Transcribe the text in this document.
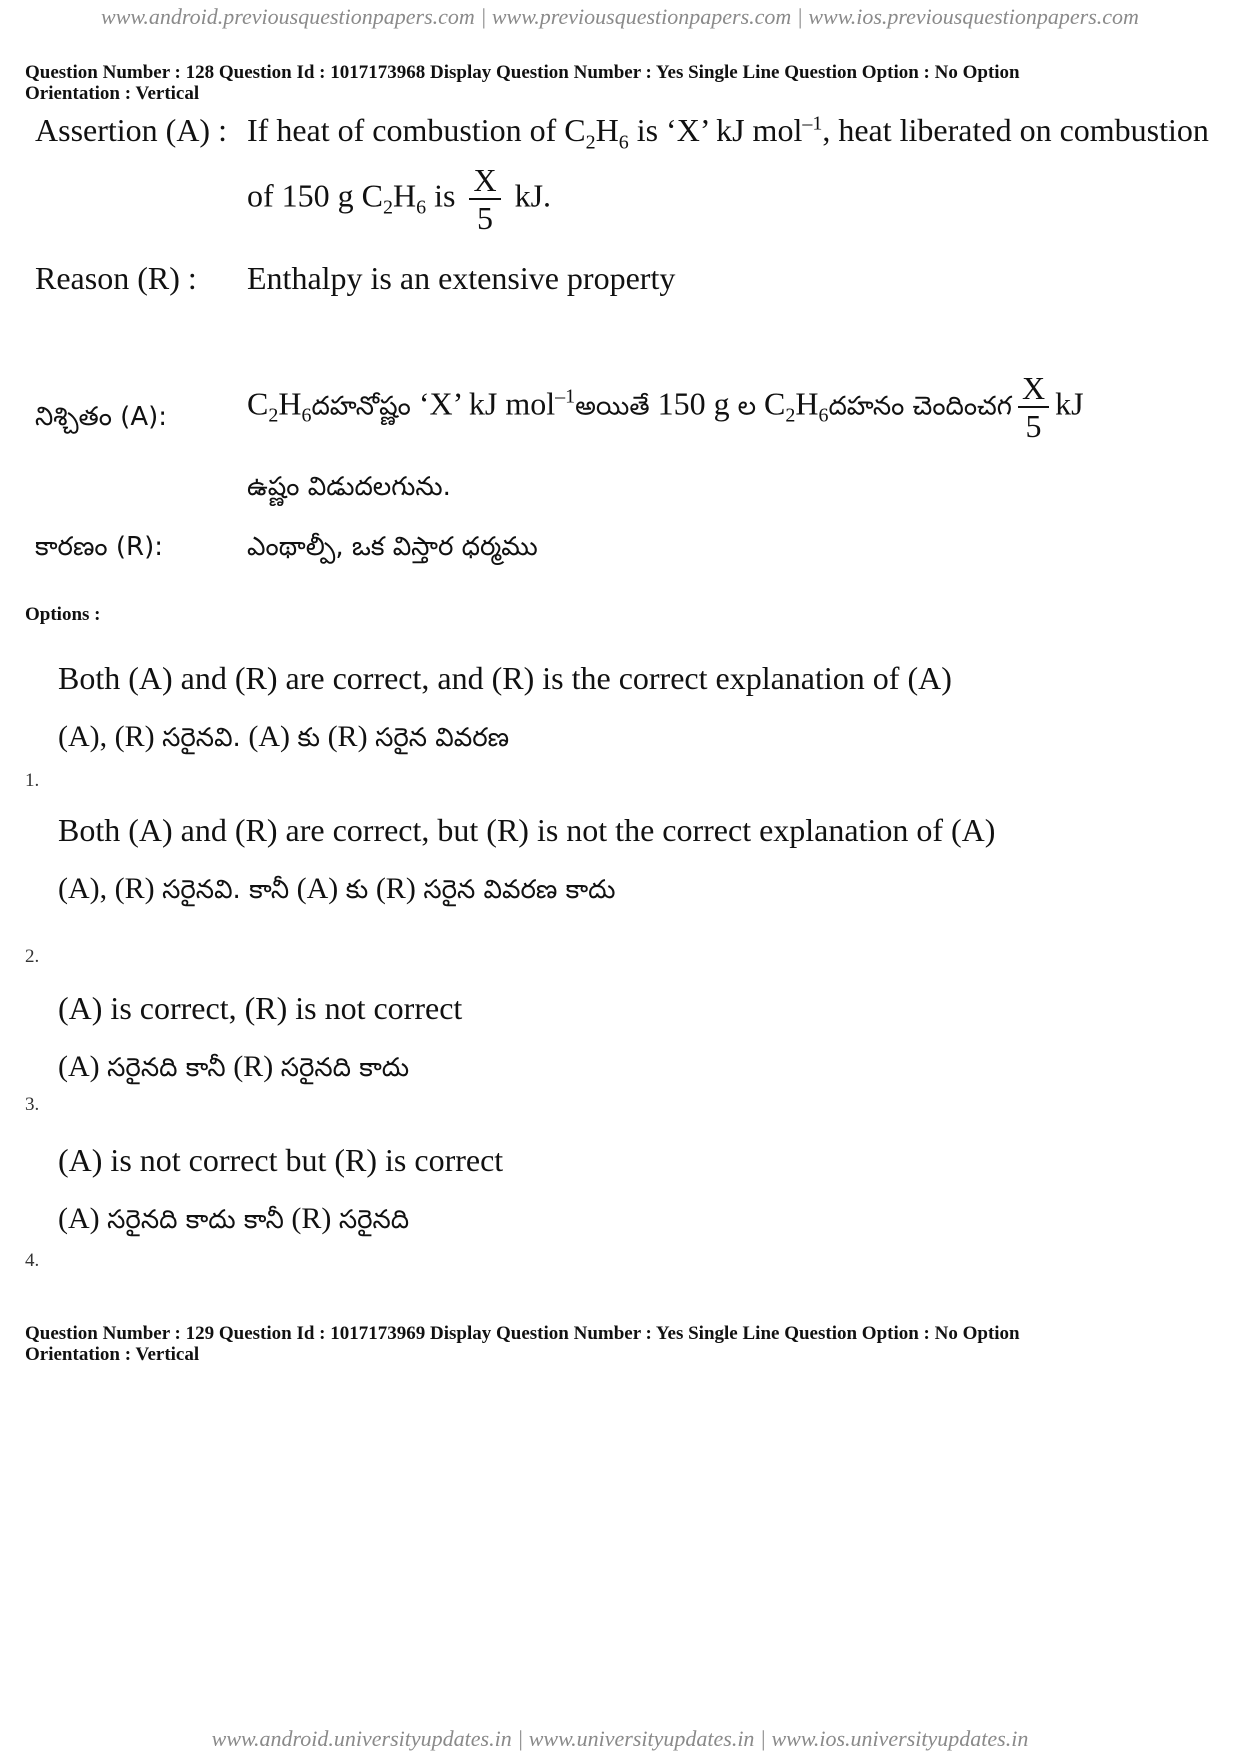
www.android.previousquestionpapers.com | www.previousquestionpapers.com | www.ios.previousquestionpapers.com
Question Number : 128 Question Id : 1017173968 Display Question Number : Yes Single Line Question Option : No Option
Orientation : Vertical
Assertion (A) : If heat of combustion of $C_2H_6$ is ‘X’ kJ mol$^{-1}$, heat liberated on combustion
of 150 g $C_2H_6$ is $\frac{X}{5}$ kJ.
Reason (R) : Enthalpy is an extensive property
నిశ్చితం (A): $C_2H_6దహనోష్ణం$ ‘X’ kJ mol$^{-1}$అయితే 150 g ల $C_2H_6దహనం$ చెందించగ $\frac{X}{5}$ kJ
ఉష్ణం విడుదలగును.
కారణం (R):	ఎంథాల్పీ, ఒక విస్తార ధర్మము
Options :
Both (A) and (R) are correct, and (R) is the correct explanation of (A)
(A), (R) సరైనవి. (A) కు (R) సరైన వివరణ
1.
Both (A) and (R) are correct, but (R) is not the correct explanation of (A)
(A), (R) సరైనవి. కానీ (A) కు (R) సరైన వివరణ కాదు
2.
(A) is correct, (R) is not correct
(A) సరైనది కానీ (R) సరైనది కాదు
3.
(A) is not correct but (R) is correct
(A) సరైనది కాదు కానీ (R) సరైనది
4.
Question Number : 129 Question Id : 1017173969 Display Question Number : Yes Single Line Question Option : No Option
Orientation : Vertical
www.android.universityupdates.in | www.universityupdates.in | www.ios.universityupdates.in
